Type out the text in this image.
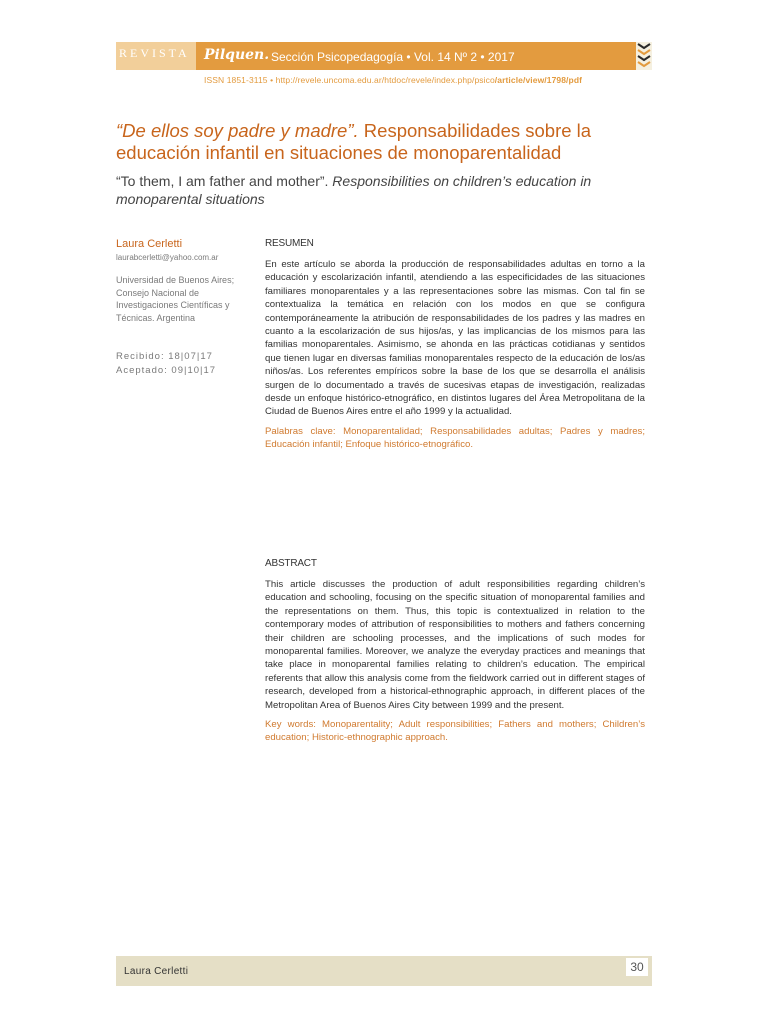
REVISTA Pilquen. Sección Psicopedagogía • Vol. 14 Nº 2 • 2017
ISSN 1851-3115 • http://revele.uncoma.edu.ar/htdoc/revele/index.php/psico/article/view/1798/pdf
“De ellos soy padre y madre”. Responsabilidades sobre la educación infantil en situaciones de monoparentalidad
“To them, I am father and mother”. Responsibilities on children’s education in monoparental situations
Laura Cerletti
laurabcerletti@yahoo.com.ar
Universidad de Buenos Aires; Consejo Nacional de Investigaciones Científicas y Técnicas. Argentina
Recibido: 18|07|17
Aceptado: 09|10|17
RESUMEN
En este artículo se aborda la producción de responsabilidades adultas en torno a la educación y escolarización infantil, atendiendo a las especificidades de las situaciones familiares monoparentales y a las representaciones sobre las mismas. Con tal fin se contextualiza la temática en relación con los modos en que se configura contemporáneamente la atribución de responsabilidades de los padres y las madres en cuanto a la escolarización de sus hijos/as, y las implicancias de los mismos para las familias monoparentales. Asimismo, se ahonda en las prácticas cotidianas y sentidos que tienen lugar en diversas familias monoparentales respecto de la educación de los/as niños/as. Los referentes empíricos sobre la base de los que se desarrolla el análisis surgen de lo documentado a través de sucesivas etapas de investigación, realizadas desde un enfoque histórico-etnográfico, en distintos lugares del Área Metropolitana de la Ciudad de Buenos Aires entre el año 1999 y la actualidad.
Palabras clave: Monoparentalidad; Responsabilidades adultas; Padres y madres; Educación infantil; Enfoque histórico-etnográfico.
ABSTRACT
This article discusses the production of adult responsibilities regarding children’s education and schooling, focusing on the specific situation of monoparental families and the representations on them. Thus, this topic is contextualized in relation to the contemporary modes of attribution of responsibilities to mothers and fathers concerning their children are schooling processes, and the implications of such modes for monoparental families. Moreover, we analyze the everyday practices and meanings that take place in monoparental families relating to children’s education. The empirical referents that allow this analysis come from the fieldwork carried out in different stages of research, developed from a historical-ethnographic approach, in different places of the Metropolitan Area of Buenos Aires City between 1999 and the present.
Key words: Monoparentality; Adult responsibilities; Fathers and mothers; Children’s education; Historic-ethnographic approach.
Laura Cerletti	30
